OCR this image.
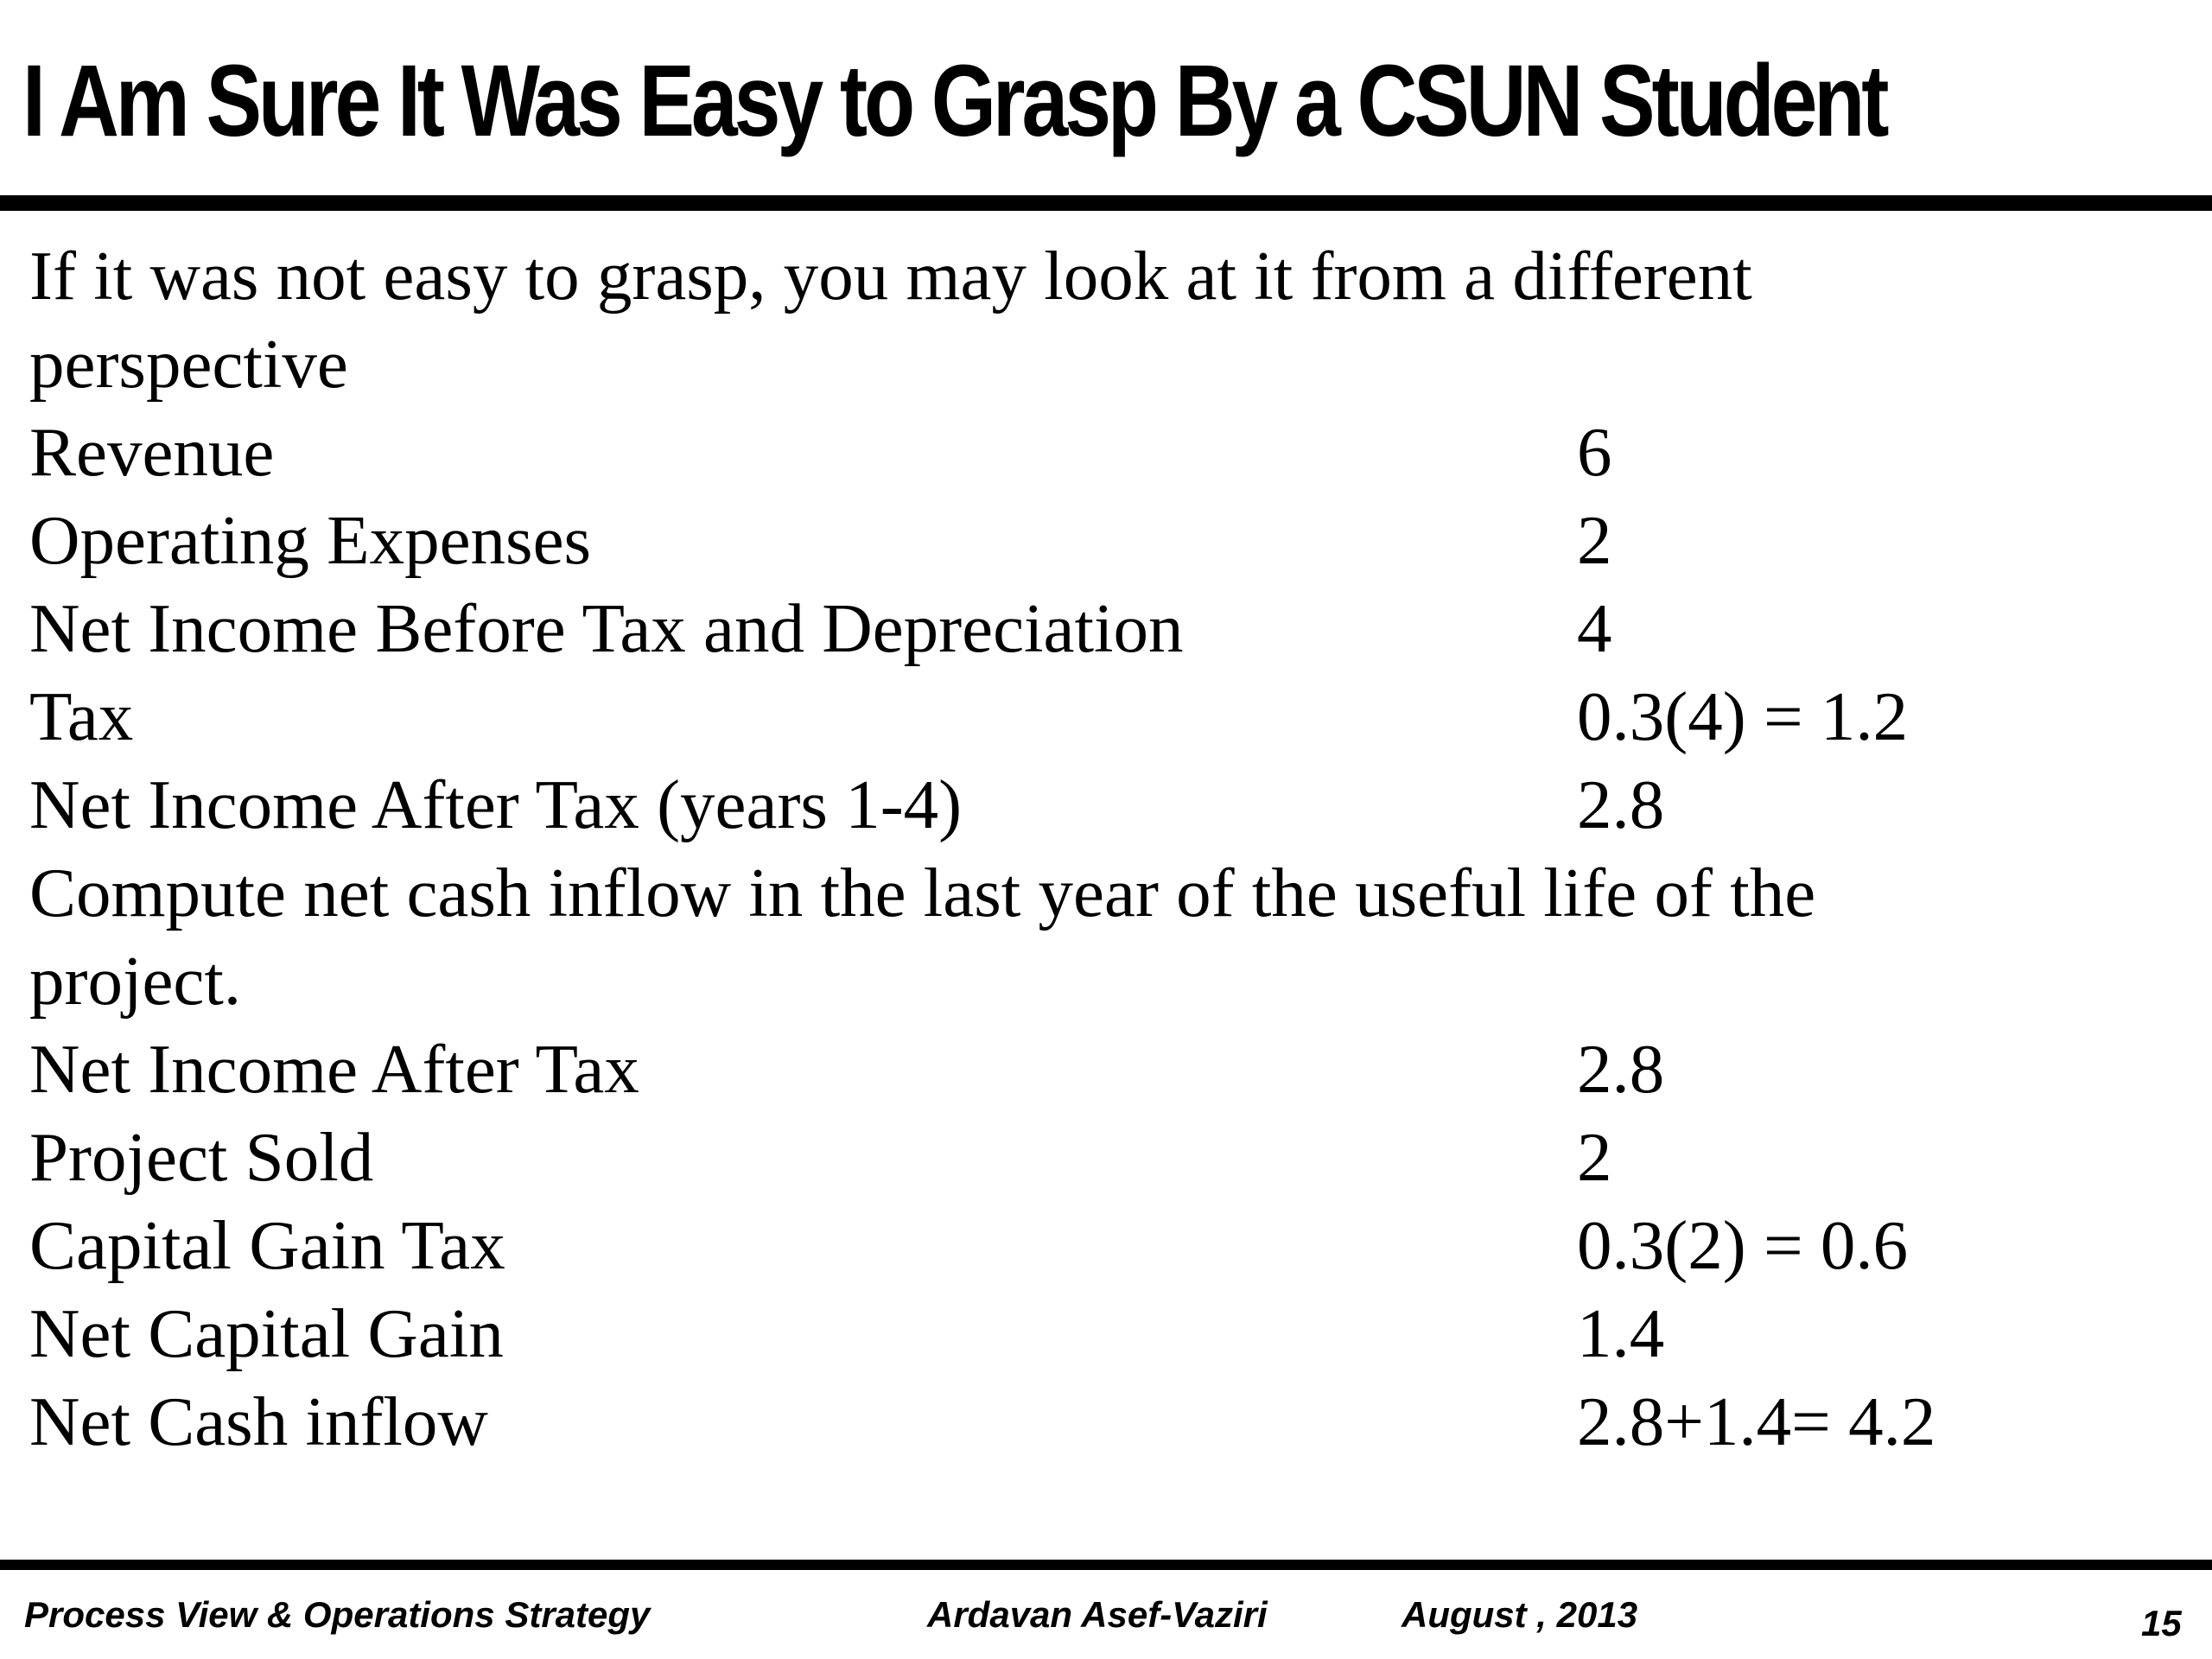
I Am Sure It Was Easy to Grasp By a CSUN Student
If it was not easy to grasp, you may look at it from a different
perspective
Revenue	6
Operating Expenses	2
Net Income Before Tax and Depreciation	4
Tax	0.3(4) = 1.2
Net Income After Tax (years 1-4)	2.8
Compute net cash inflow in the last year of the useful life of the
project.
Net Income After Tax	2.8
Project Sold	2
Capital Gain Tax	0.3(2) = 0.6
Net Capital Gain	1.4
Net Cash inflow	2.8+1.4= 4.2
Process View & Operations Strategy	Ardavan Asef-Vaziri	August , 2013	15
